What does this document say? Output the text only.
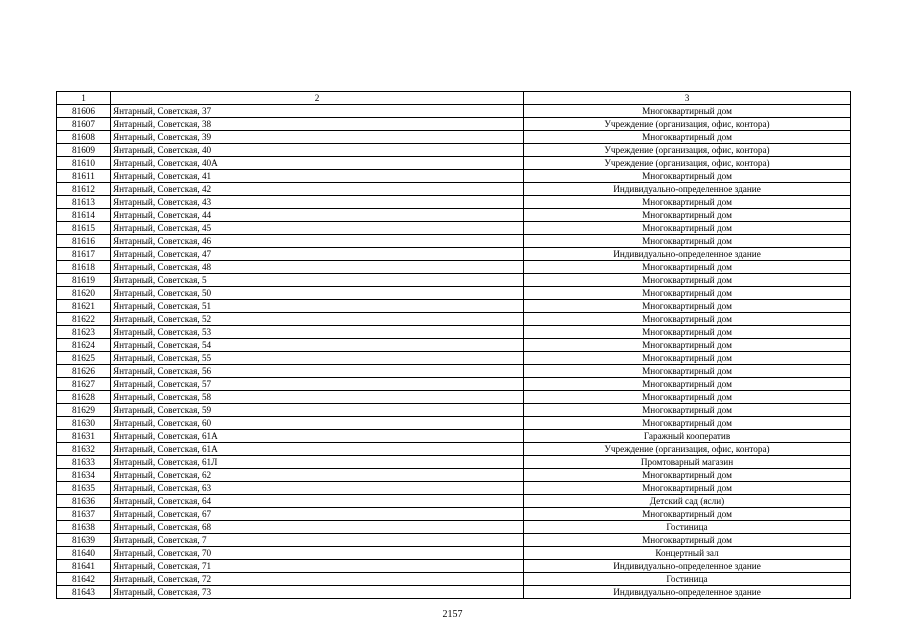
1	2	3
81606	Янтарный, Советская, 37	Многоквартирный дом
81607	Янтарный, Советская, 38	Учреждение (организация, офис, контора)
81608	Янтарный, Советская, 39	Многоквартирный дом
81609	Янтарный, Советская, 40	Учреждение (организация, офис, контора)
81610	Янтарный, Советская, 40А	Учреждение (организация, офис, контора)
81611	Янтарный, Советская, 41	Многоквартирный дом
81612	Янтарный, Советская, 42	Индивидуально-определенное здание
81613	Янтарный, Советская, 43	Многоквартирный дом
81614	Янтарный, Советская, 44	Многоквартирный дом
81615	Янтарный, Советская, 45	Многоквартирный дом
81616	Янтарный, Советская, 46	Многоквартирный дом
81617	Янтарный, Советская, 47	Индивидуально-определенное здание
81618	Янтарный, Советская, 48	Многоквартирный дом
81619	Янтарный, Советская, 5	Многоквартирный дом
81620	Янтарный, Советская, 50	Многоквартирный дом
81621	Янтарный, Советская, 51	Многоквартирный дом
81622	Янтарный, Советская, 52	Многоквартирный дом
81623	Янтарный, Советская, 53	Многоквартирный дом
81624	Янтарный, Советская, 54	Многоквартирный дом
81625	Янтарный, Советская, 55	Многоквартирный дом
81626	Янтарный, Советская, 56	Многоквартирный дом
81627	Янтарный, Советская, 57	Многоквартирный дом
81628	Янтарный, Советская, 58	Многоквартирный дом
81629	Янтарный, Советская, 59	Многоквартирный дом
81630	Янтарный, Советская, 60	Многоквартирный дом
81631	Янтарный, Советская, 61А	Гаражный кооператив
81632	Янтарный, Советская, 61А	Учреждение (организация, офис, контора)
81633	Янтарный, Советская, 61Л	Промтоварный магазин
81634	Янтарный, Советская, 62	Многоквартирный дом
81635	Янтарный, Советская, 63	Многоквартирный дом
81636	Янтарный, Советская, 64	Детский сад (ясли)
81637	Янтарный, Советская, 67	Многоквартирный дом
81638	Янтарный, Советская, 68	Гостиница
81639	Янтарный, Советская, 7	Многоквартирный дом
81640	Янтарный, Советская, 70	Концертный зал
81641	Янтарный, Советская, 71	Индивидуально-определенное здание
81642	Янтарный, Советская, 72	Гостиница
81643	Янтарный, Советская, 73	Индивидуально-определенное здание
2157
